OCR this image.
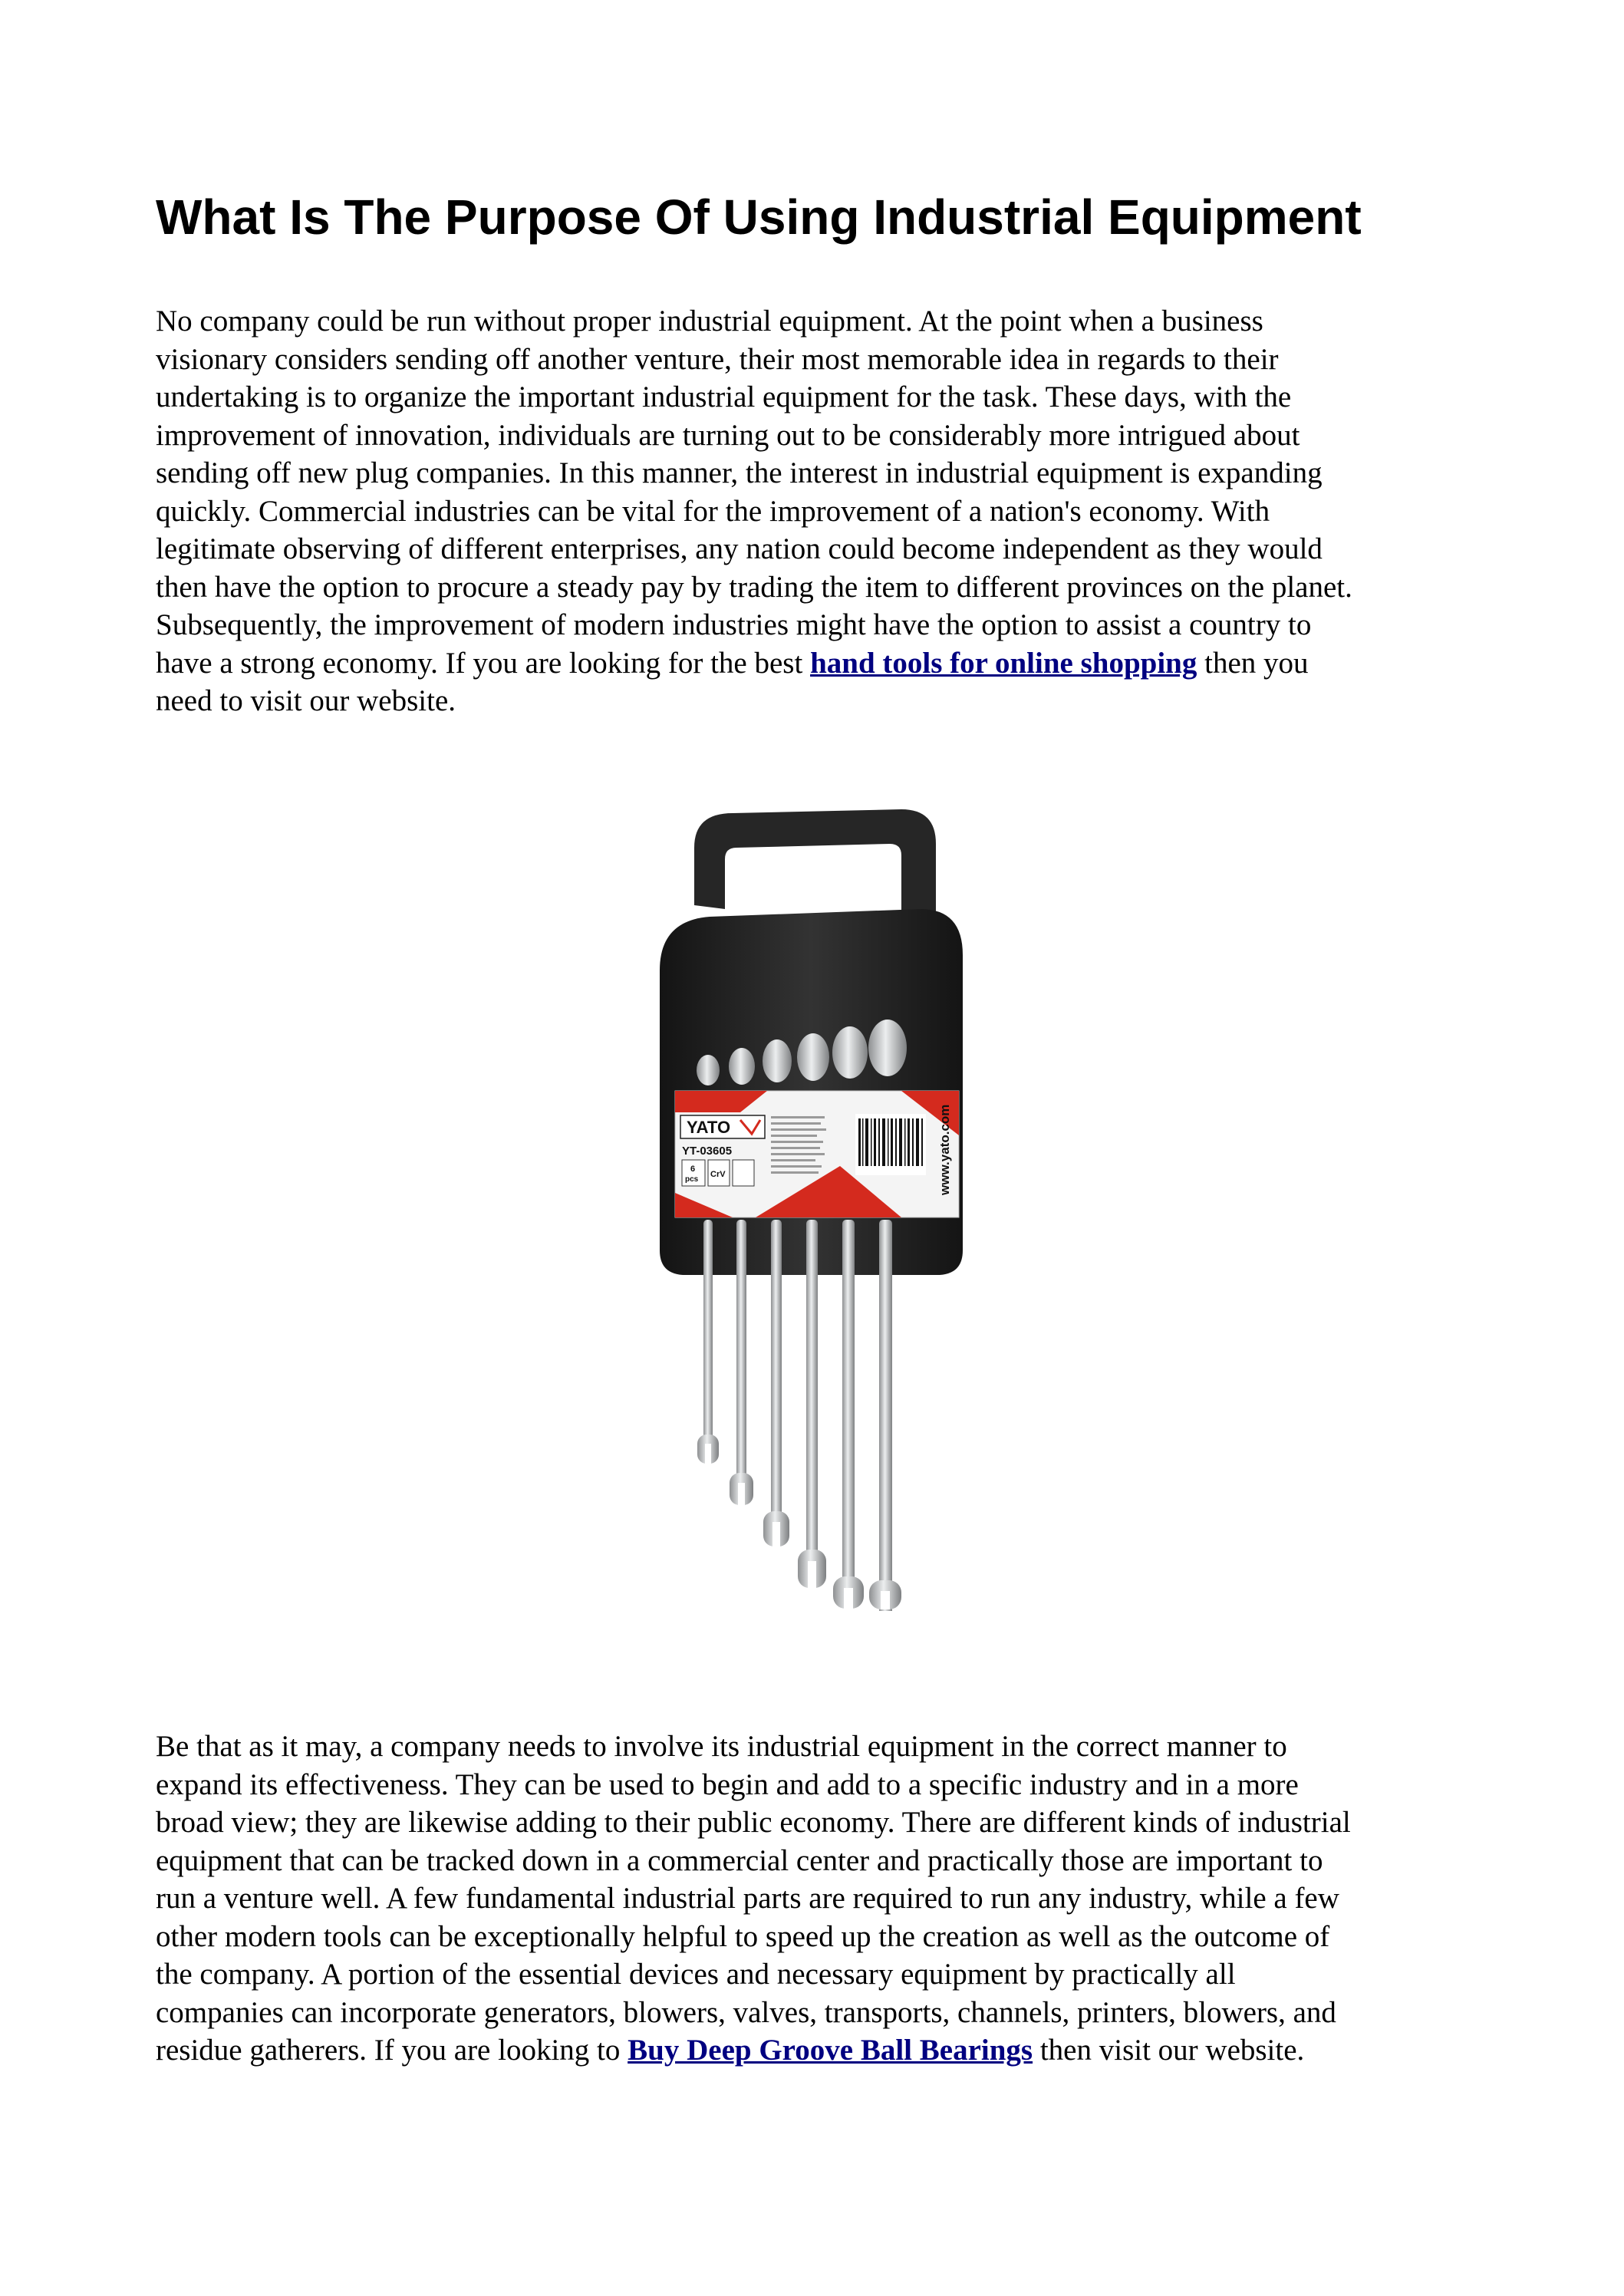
What Is The Purpose Of Using Industrial Equipment

No company could be run without proper industrial equipment. At the point when a business
visionary considers sending off another venture, their most memorable idea in regards to their
undertaking is to organize the important industrial equipment for the task. These days, with the
improvement of innovation, individuals are turning out to be considerably more intrigued about
sending off new plug companies. In this manner, the interest in industrial equipment is expanding
quickly. Commercial industries can be vital for the improvement of a nation's economy. With
legitimate observing of different enterprises, any nation could become independent as they would
then have the option to procure a steady pay by trading the item to different provinces on the planet.
Subsequently, the improvement of modern industries might have the option to assist a country to
have a strong economy. If you are looking for the best hand tools for online shopping then you
need to visit our website.

YATO
YT-03605
6
pcs
CrV	www.yato.com

Be that as it may, a company needs to involve its industrial equipment in the correct manner to
expand its effectiveness. They can be used to begin and add to a specific industry and in a more
broad view; they are likewise adding to their public economy. There are different kinds of industrial
equipment that can be tracked down in a commercial center and practically those are important to
run a venture well. A few fundamental industrial parts are required to run any industry, while a few
other modern tools can be exceptionally helpful to speed up the creation as well as the outcome of
the company. A portion of the essential devices and necessary equipment by practically all
companies can incorporate generators, blowers, valves, transports, channels, printers, blowers, and
residue gatherers. If you are looking to Buy Deep Groove Ball Bearings then visit our website.
